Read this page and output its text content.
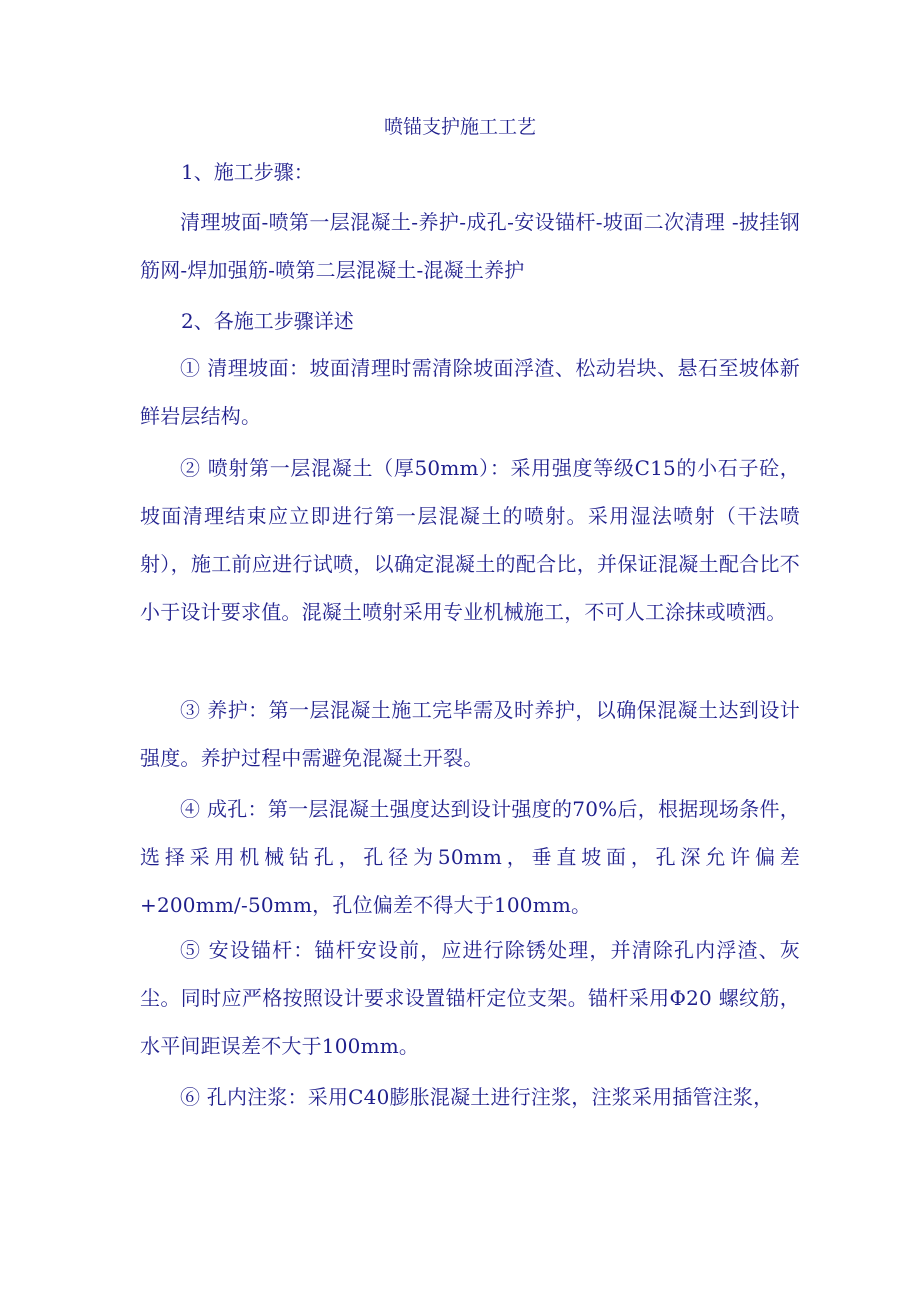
喷锚支护施工工艺
1、施工步骤：
清理坡面-喷第一层混凝土-养护-成孔-安设锚杆-坡面二次清理 -披挂钢筋网-焊加强筋-喷第二层混凝土-混凝土养护
2、各施工步骤详述
① 清理坡面：坡面清理时需清除坡面浮渣、松动岩块、悬石至坡体新鲜岩层结构。
② 喷射第一层混凝土（厚50mm）：采用强度等级C15的小石子砼，坡面清理结束应立即进行第一层混凝土的喷射。采用湿法喷射（干法喷射），施工前应进行试喷，以确定混凝土的配合比，并保证混凝土配合比不小于设计要求值。混凝土喷射采用专业机械施工，不可人工涂抹或喷洒。
③ 养护：第一层混凝土施工完毕需及时养护，以确保混凝土达到设计强度。养护过程中需避免混凝土开裂。
④ 成孔：第一层混凝土强度达到设计强度的70%后，根据现场条件，选择采用机械钻孔，孔径为50mm，垂直坡面，孔深允许偏差+200mm/-50mm，孔位偏差不得大于100mm。
⑤ 安设锚杆：锚杆安设前，应进行除锈处理，并清除孔内浮渣、灰尘。同时应严格按照设计要求设置锚杆定位支架。锚杆采用Φ20 螺纹筋，水平间距误差不大于100mm。
⑥ 孔内注浆：采用C40膨胀混凝土进行注浆，注浆采用插管注浆，
